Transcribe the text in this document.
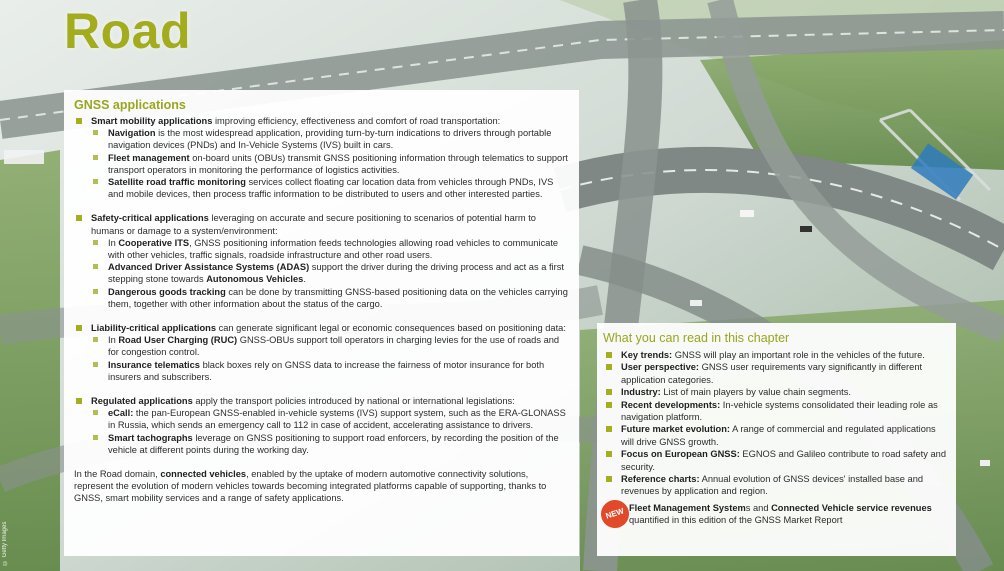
© Getty Images
Road
GNSS applications
Smart mobility applications improving efficiency, effectiveness and comfort of road transportation:
Navigation is the most widespread application, providing turn-by-turn indications to drivers through portable navigation devices (PNDs) and In-Vehicle Systems (IVS) built in cars.
Fleet management on-board units (OBUs) transmit GNSS positioning information through telematics to support transport operators in monitoring the performance of logistics activities.
Satellite road traffic monitoring services collect floating car location data from vehicles through PNDs, IVS and mobile devices, then process traffic information to be distributed to users and other interested parties.
Safety-critical applications leveraging on accurate and secure positioning to scenarios of potential harm to humans or damage to a system/environment:
In Cooperative ITS, GNSS positioning information feeds technologies allowing road vehicles to communicate with other vehicles, traffic signals, roadside infrastructure and other road users.
Advanced Driver Assistance Systems (ADAS) support the driver during the driving process and act as a first stepping stone towards Autonomous Vehicles.
Dangerous goods tracking can be done by transmitting GNSS-based positioning data on the vehicles carrying them, together with other information about the status of the cargo.
Liability-critical applications can generate significant legal or economic consequences based on positioning data:
In Road User Charging (RUC) GNSS-OBUs support toll operators in charging levies for the use of roads and for congestion control.
Insurance telematics black boxes rely on GNSS data to increase the fairness of motor insurance for both insurers and subscribers.
Regulated applications apply the transport policies introduced by national or international legislations:
eCall: the pan-European GNSS-enabled in-vehicle systems (IVS) support system, such as the ERA-GLONASS in Russia, which sends an emergency call to 112 in case of accident, accelerating assistance to drivers.
Smart tachographs leverage on GNSS positioning to support road enforcers, by recording the position of the vehicle at different points during the working day.
In the Road domain, connected vehicles, enabled by the uptake of modern automotive connectivity solutions, represent the evolution of modern vehicles towards becoming integrated platforms capable of supporting, thanks to GNSS, smart mobility services and a range of safety applications.
What you can read in this chapter
Key trends: GNSS will play an important role in the vehicles of the future.
User perspective: GNSS user requirements vary significantly in different application categories.
Industry: List of main players by value chain segments.
Recent developments: In-vehicle systems consolidated their leading role as navigation platform.
Future market evolution: A range of commercial and regulated applications will drive GNSS growth.
Focus on European GNSS: EGNOS and Galileo contribute to road safety and security.
Reference charts: Annual evolution of GNSS devices' installed base and revenues by application and region.
NEW Fleet Management Systems and Connected Vehicle service revenues quantified in this edition of the GNSS Market Report
